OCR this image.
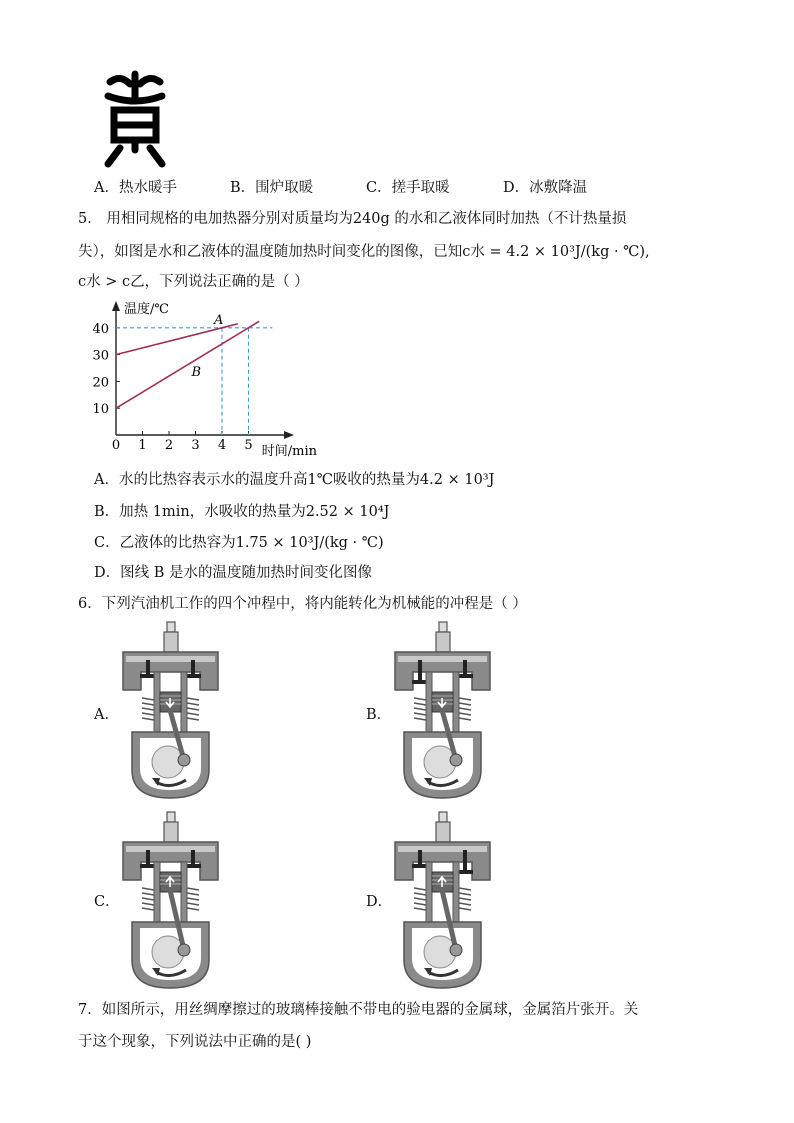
A．热水暖手	B．围炉取暖	C．搓手取暖	D．冰敷降温
5． 用相同规格的电加热器分别对质量均为240g 的水和乙液体同时加热（不计热量损
失），如图是水和乙液体的温度随加热时间变化的图像，已知c水 = 4.2 × 10³J/(kg · ℃),
c水 > c乙，下列说法正确的是（ ）
0 1 2 3 4 5
10
20
30
40
温度/℃
时间/min
A
B
A．水的比热容表示水的温度升高1℃吸收的热量为4.2 × 10³J
B．加热 1min，水吸收的热量为2.52 × 10⁴J
C．乙液体的比热容为1.75 × 10³J/(kg · ℃)
D．图线 B 是水的温度随加热时间变化图像
6．下列汽油机工作的四个冲程中，将内能转化为机械能的冲程是（ ）
A．	B．
C．	D．
7．如图所示，用丝绸摩擦过的玻璃棒接触不带电的验电器的金属球，金属箔片张开。关
于这个现象，下列说法中正确的是( )
